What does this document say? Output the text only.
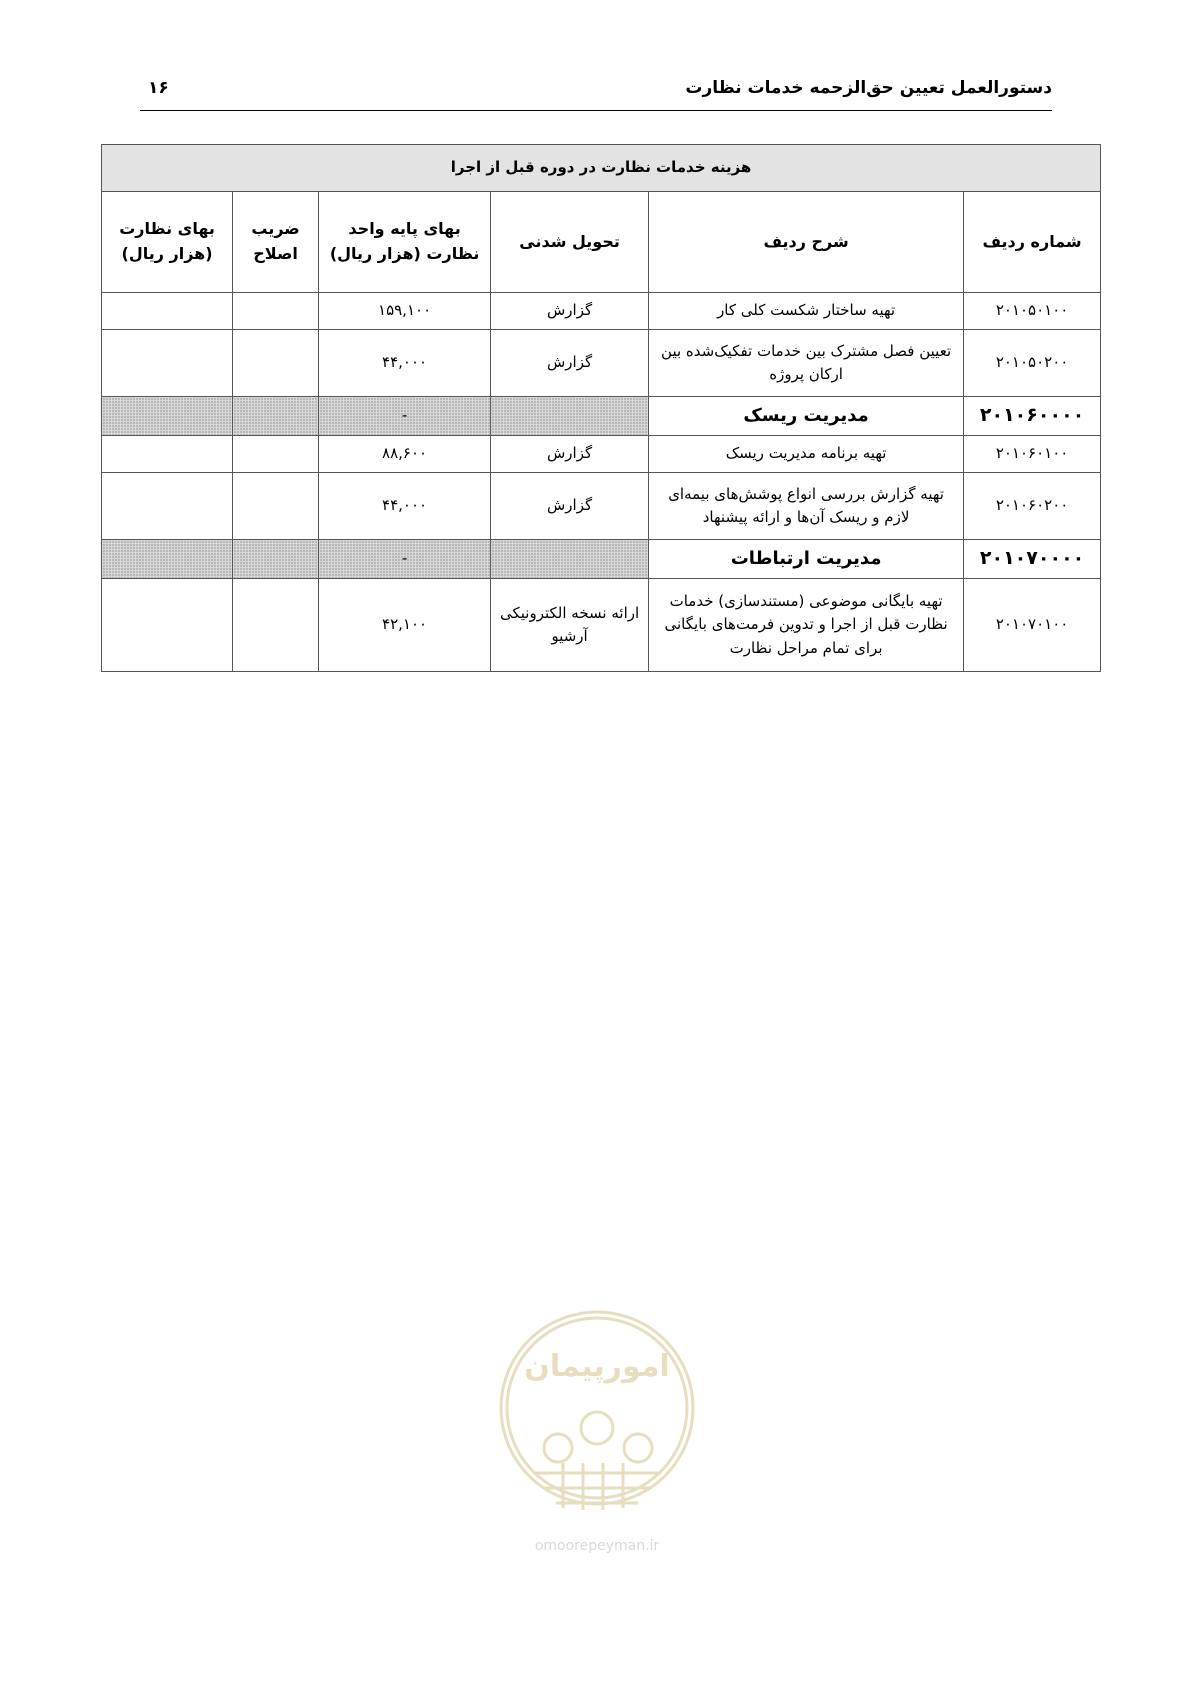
دستورالعمل تعیین حق‌الزحمه خدمات نظارت
۱۶
هزینه خدمات نظارت در دوره قبل از اجرا					
شماره ردیف	شرح ردیف	تحویل شدنی	بهای پایه واحد نظارت (هزار ریال)	ضریب اصلاح	بهای نظارت (هزار ریال)
۲۰۱۰۵۰۱۰۰	تهیه ساختار شکست کلی کار	گزارش	۱۵۹,۱۰۰		
۲۰۱۰۵۰۲۰۰	تعیین فصل مشترک بین خدمات تفکیک‌شده بین ارکان پروژه	گزارش	۴۴,۰۰۰		
۲۰۱۰۶۰۰۰۰	مدیریت ریسک		-		
۲۰۱۰۶۰۱۰۰	تهیه برنامه مدیریت ریسک	گزارش	۸۸,۶۰۰		
۲۰۱۰۶۰۲۰۰	تهیه گزارش بررسی انواع پوشش‌های بیمه‌ای لازم و ریسک آن‌ها و ارائه پیشنهاد	گزارش	۴۴,۰۰۰		
۲۰۱۰۷۰۰۰۰	مدیریت ارتباطات		-		
۲۰۱۰۷۰۱۰۰	تهیه بایگانی موضوعی (مستندسازی) خدمات نظارت قبل از اجرا و تدوین فرمت‌های بایگانی برای تمام مراحل نظارت	ارائه نسخه الکترونیکی آرشیو	۴۲,۱۰۰		
امورپیمان
omoorepeyman.ir
